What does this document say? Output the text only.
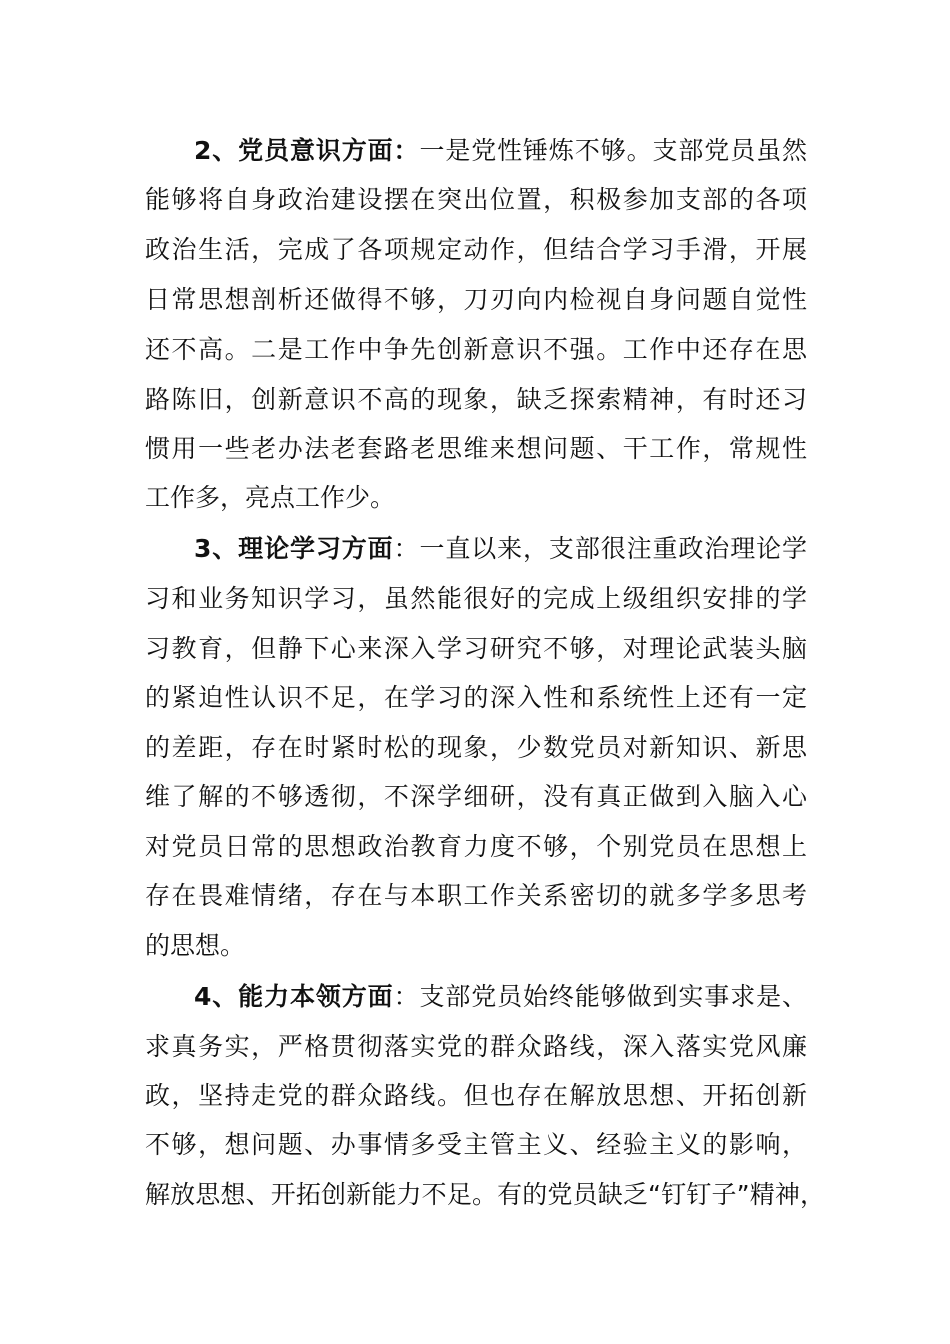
2、党员意识方面：一是党性锤炼不够。支部党员虽然
能够将自身政治建设摆在突出位置，积极参加支部的各项
政治生活，完成了各项规定动作，但结合学习手滑，开展
日常思想剖析还做得不够，刀刃向内检视自身问题自觉性
还不高。二是工作中争先创新意识不强。工作中还存在思
路陈旧，创新意识不高的现象，缺乏探索精神，有时还习
惯用一些老办法老套路老思维来想问题、干工作，常规性
工作多，亮点工作少。
3、理论学习方面：一直以来，支部很注重政治理论学
习和业务知识学习，虽然能很好的完成上级组织安排的学
习教育，但静下心来深入学习研究不够，对理论武装头脑
的紧迫性认识不足，在学习的深入性和系统性上还有一定
的差距，存在时紧时松的现象，少数党员对新知识、新思
维了解的不够透彻，不深学细研，没有真正做到入脑入心
对党员日常的思想政治教育力度不够，个别党员在思想上
存在畏难情绪，存在与本职工作关系密切的就多学多思考
的思想。
4、能力本领方面：支部党员始终能够做到实事求是、
求真务实，严格贯彻落实党的群众路线，深入落实党风廉
政，坚持走党的群众路线。但也存在解放思想、开拓创新
不够，想问题、办事情多受主管主义、经验主义的影响，
解放思想、开拓创新能力不足。有的党员缺乏“钉钉子”精神，
